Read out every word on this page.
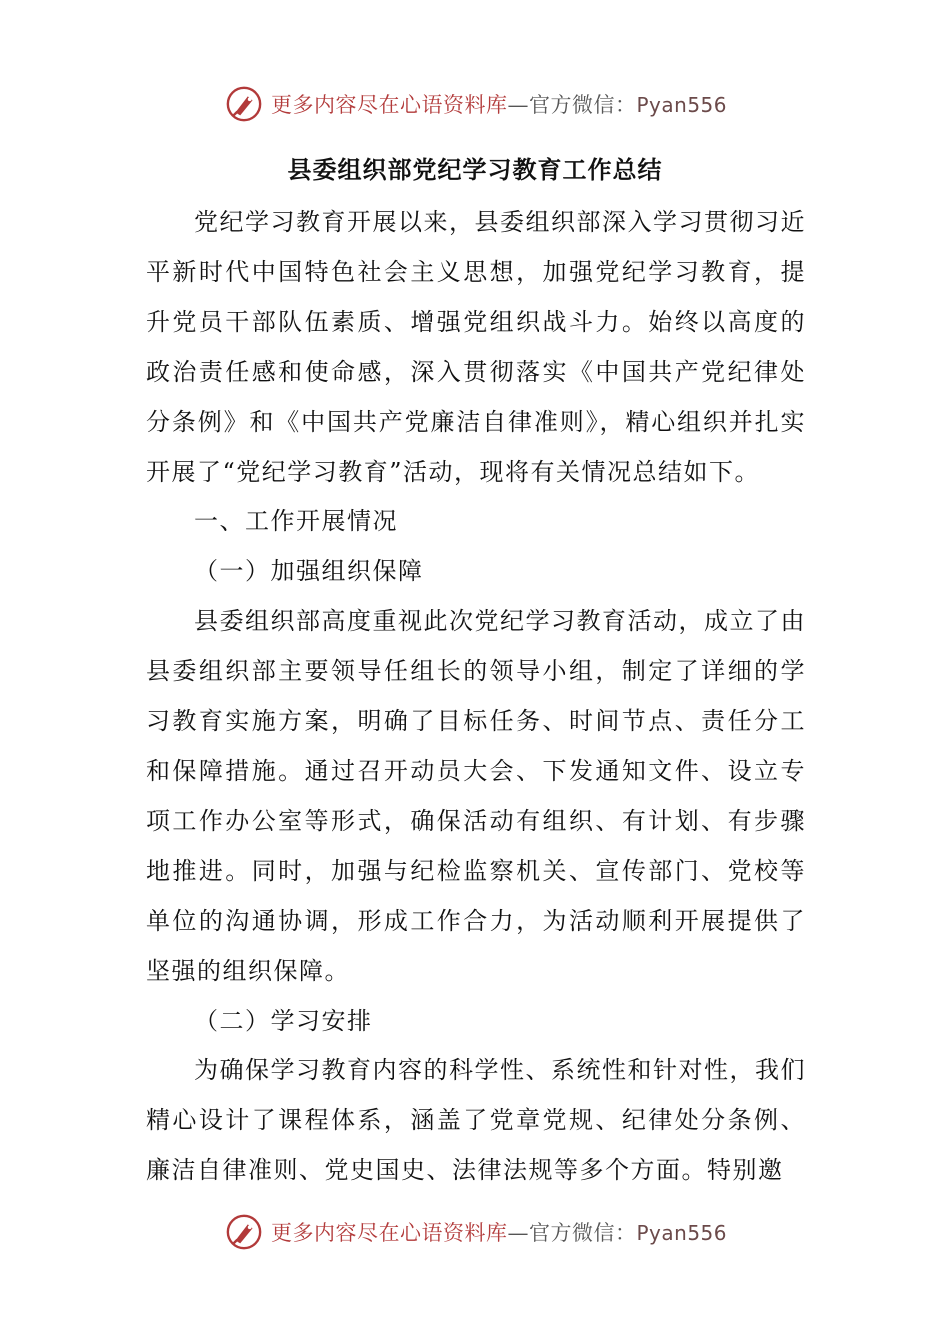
更多内容尽在心语资料库—官方微信：Pyan556
县委组织部党纪学习教育工作总结

党纪学习教育开展以来，县委组织部深入学习贯彻习近平新时代中国特色社会主义思想，加强党纪学习教育，提升党员干部队伍素质、增强党组织战斗力。始终以高度的政治责任感和使命感，深入贯彻落实《中国共产党纪律处分条例》和《中国共产党廉洁自律准则》，精心组织并扎实开展了“党纪学习教育”活动，现将有关情况总结如下。

一、工作开展情况

（一）加强组织保障

县委组织部高度重视此次党纪学习教育活动，成立了由县委组织部主要领导任组长的领导小组，制定了详细的学习教育实施方案，明确了目标任务、时间节点、责任分工和保障措施。通过召开动员大会、下发通知文件、设立专项工作办公室等形式，确保活动有组织、有计划、有步骤地推进。同时，加强与纪检监察机关、宣传部门、党校等单位的沟通协调，形成工作合力，为活动顺利开展提供了坚强的组织保障。

（二）学习安排

为确保学习教育内容的科学性、系统性和针对性，我们精心设计了课程体系，涵盖了党章党规、纪律处分条例、廉洁自律准则、党史国史、法律法规等多个方面。特别邀

更多内容尽在心语资料库—官方微信：Pyan556
